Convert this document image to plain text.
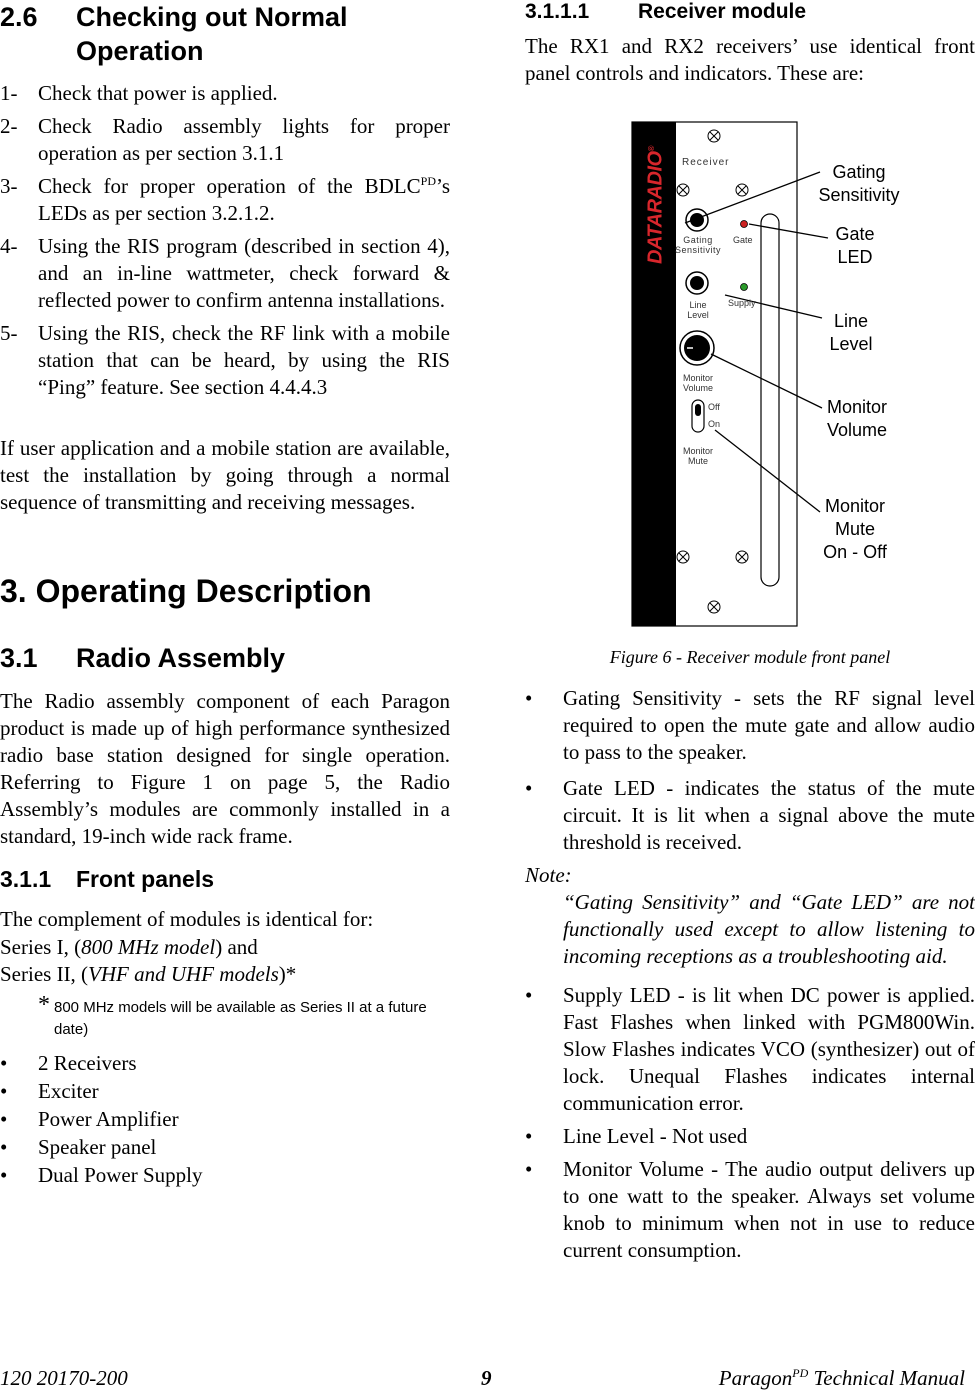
2.6 Checking out Normal
Operation
1- Check that power is applied.
2- Check Radio assembly lights for proper operation as per section 3.1.1
3- Check for proper operation of the $BDLC^{PD}’s$ LEDs as per section 3.2.1.2.
4- Using the RIS program (described in section 4), and an in-line wattmeter, check forward & reflected power to confirm antenna installations.
5- Using the RIS, check the RF link with a mobile station that can be heard, by using the RIS “Ping” feature. See section 4.4.4.3

If user application and a mobile station are available, test the installation by going through a normal sequence of transmitting and receiving messages.

3. Operating Description
3.1 Radio Assembly

The Radio assembly component of each Paragon product is made up of high performance synthesized radio base station designed for single operation. Referring to Figure 1 on page 5, the Radio Assembly’s modules are commonly installed in a standard, 19-inch wide rack frame.

3.1.1 Front panels

The complement of modules is identical for:

Series I, (800 MHz model) and

Series II, (VHF and UHF models)*

* 800 MHz models will be available as Series II at a future date)
• 2 Receivers
• Exciter
• Power Amplifier
• Speaker panel
• Dual Power Supply
3.1.1.1 Receiver module

The RX1 and RX2 receivers’ use identical front panel controls and indicators. These are:

DATARADIO®
Receiver
Gating
Sensitivity
Gate
Line
Level
Supply
Monitor
Volume
Off
On
Monitor
Mute
Gating
Sensitivity
Gate
LED
Line
Level
Monitor
Volume
Monitor
Mute
On - Off
Figure 6 - Receiver module front panel
• Gating Sensitivity - sets the RF signal level required to open the mute gate and allow audio to pass to the speaker.
• Gate LED - indicates the status of the mute circuit. It is lit when a signal above the mute threshold is received.
Note:
“Gating Sensitivity” and “Gate LED” are not functionally used except to allow listening to incoming receptions as a troubleshooting aid.
• Supply LED - is lit when DC power is applied. Fast Flashes when linked with PGM800Win. Slow Flashes indicates VCO (synthesizer) out of lock. Unequal Flashes indicates internal communication error.
• Line Level - Not used
• Monitor Volume - The audio output delivers up to one watt to the speaker. Always set volume knob to minimum when not in use to reduce current consumption.
120 20170-200	9	Paragon$^{PD}$ Technical Manual
